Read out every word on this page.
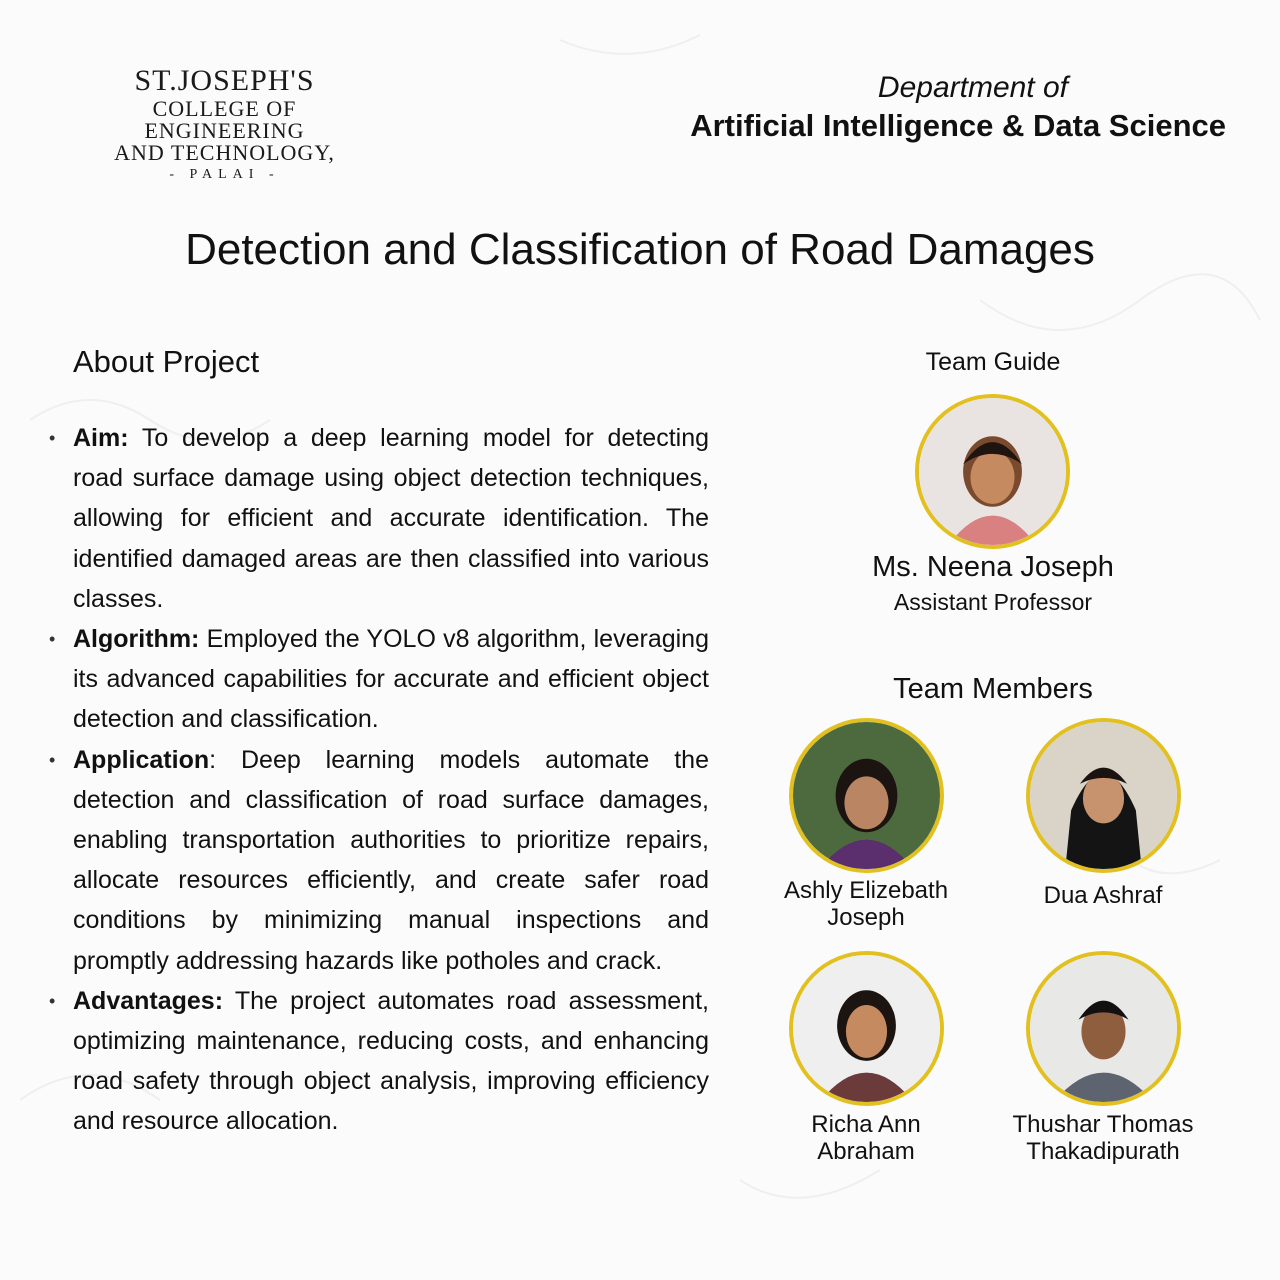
ST.JOSEPH'S
COLLEGE OF ENGINEERING
AND TECHNOLOGY,
- PALAI -
Department of
Artificial Intelligence & Data Science
Detection and Classification of Road Damages
About Project
• Aim: To develop a deep learning model for detecting road surface damage using object detection techniques, allowing for efficient and accurate identification. The identified damaged areas are then classified into various classes.
• Algorithm: Employed the YOLO v8 algorithm, leveraging its advanced capabilities for accurate and efficient object detection and classification.
• Application: Deep learning models automate the detection and classification of road surface damages, enabling transportation authorities to prioritize repairs, allocate resources efficiently, and create safer road conditions by minimizing manual inspections and promptly addressing hazards like potholes and crack.
• Advantages: The project automates road assessment, optimizing maintenance, reducing costs, and enhancing road safety through object analysis, improving efficiency and resource allocation.
Team Guide
Ms. Neena Joseph
Assistant Professor
Team Members
Ashly Elizebath
Joseph
Dua Ashraf
Richa Ann
Abraham
Thushar Thomas
Thakadipurath
